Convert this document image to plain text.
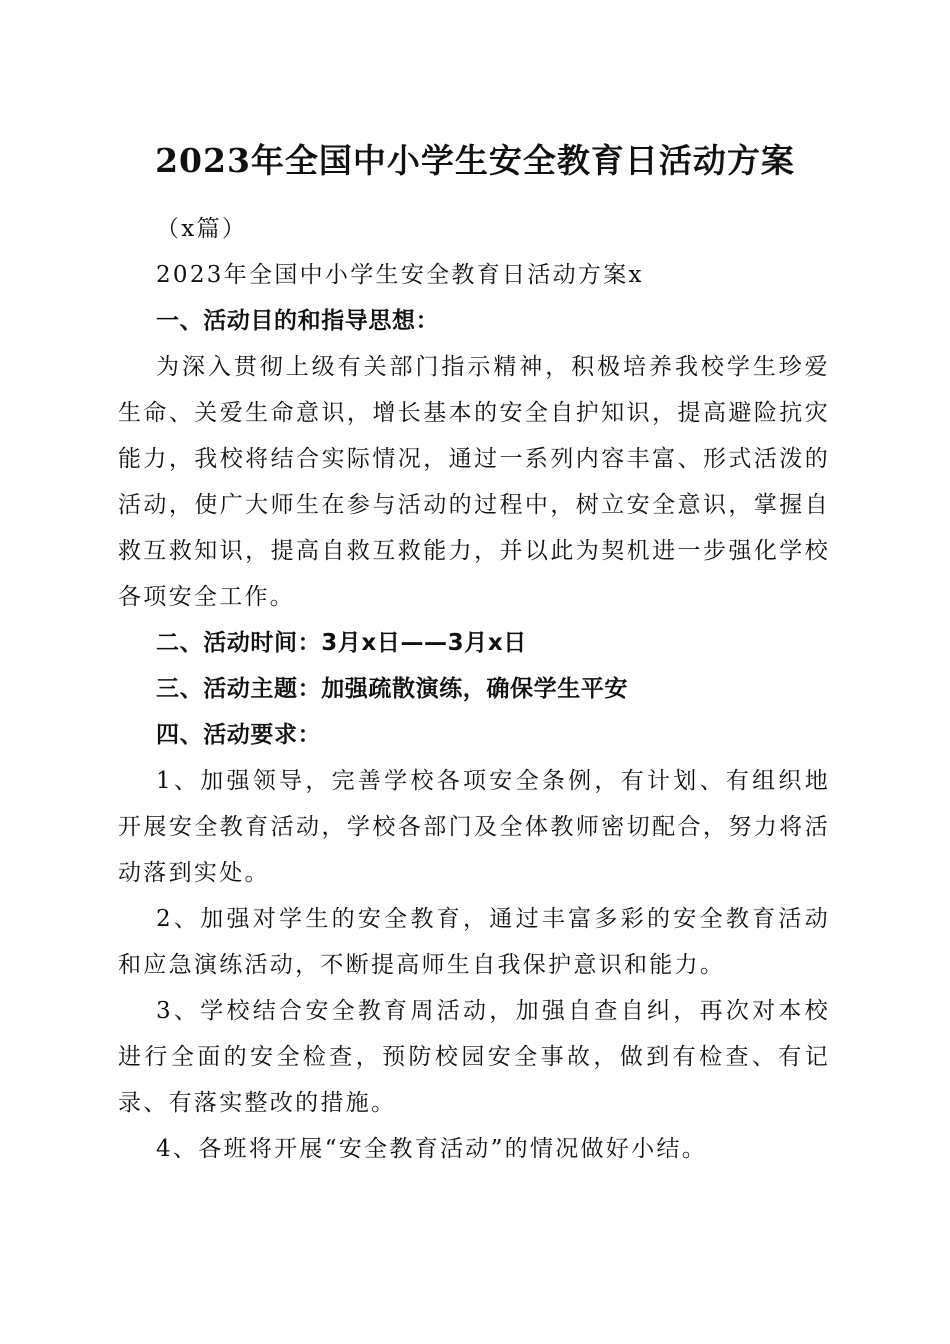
2023年全国中小学生安全教育日活动方案

（x篇）

2023年全国中小学生安全教育日活动方案x

一、活动目的和指导思想：

为深入贯彻上级有关部门指示精神，积极培养我校学生珍爱生命、关爱生命意识，增长基本的安全自护知识，提高避险抗灾能力，我校将结合实际情况，通过一系列内容丰富、形式活泼的活动，使广大师生在参与活动的过程中，树立安全意识，掌握自救互救知识，提高自救互救能力，并以此为契机进一步强化学校各项安全工作。

二、活动时间：3月x日——3月x日

三、活动主题：加强疏散演练，确保学生平安

四、活动要求：

1、加强领导，完善学校各项安全条例，有计划、有组织地开展安全教育活动，学校各部门及全体教师密切配合，努力将活动落到实处。

2、加强对学生的安全教育，通过丰富多彩的安全教育活动和应急演练活动，不断提高师生自我保护意识和能力。

3、学校结合安全教育周活动，加强自查自纠，再次对本校进行全面的安全检查，预防校园安全事故，做到有检查、有记录、有落实整改的措施。

4、各班将开展“安全教育活动”的情况做好小结。
